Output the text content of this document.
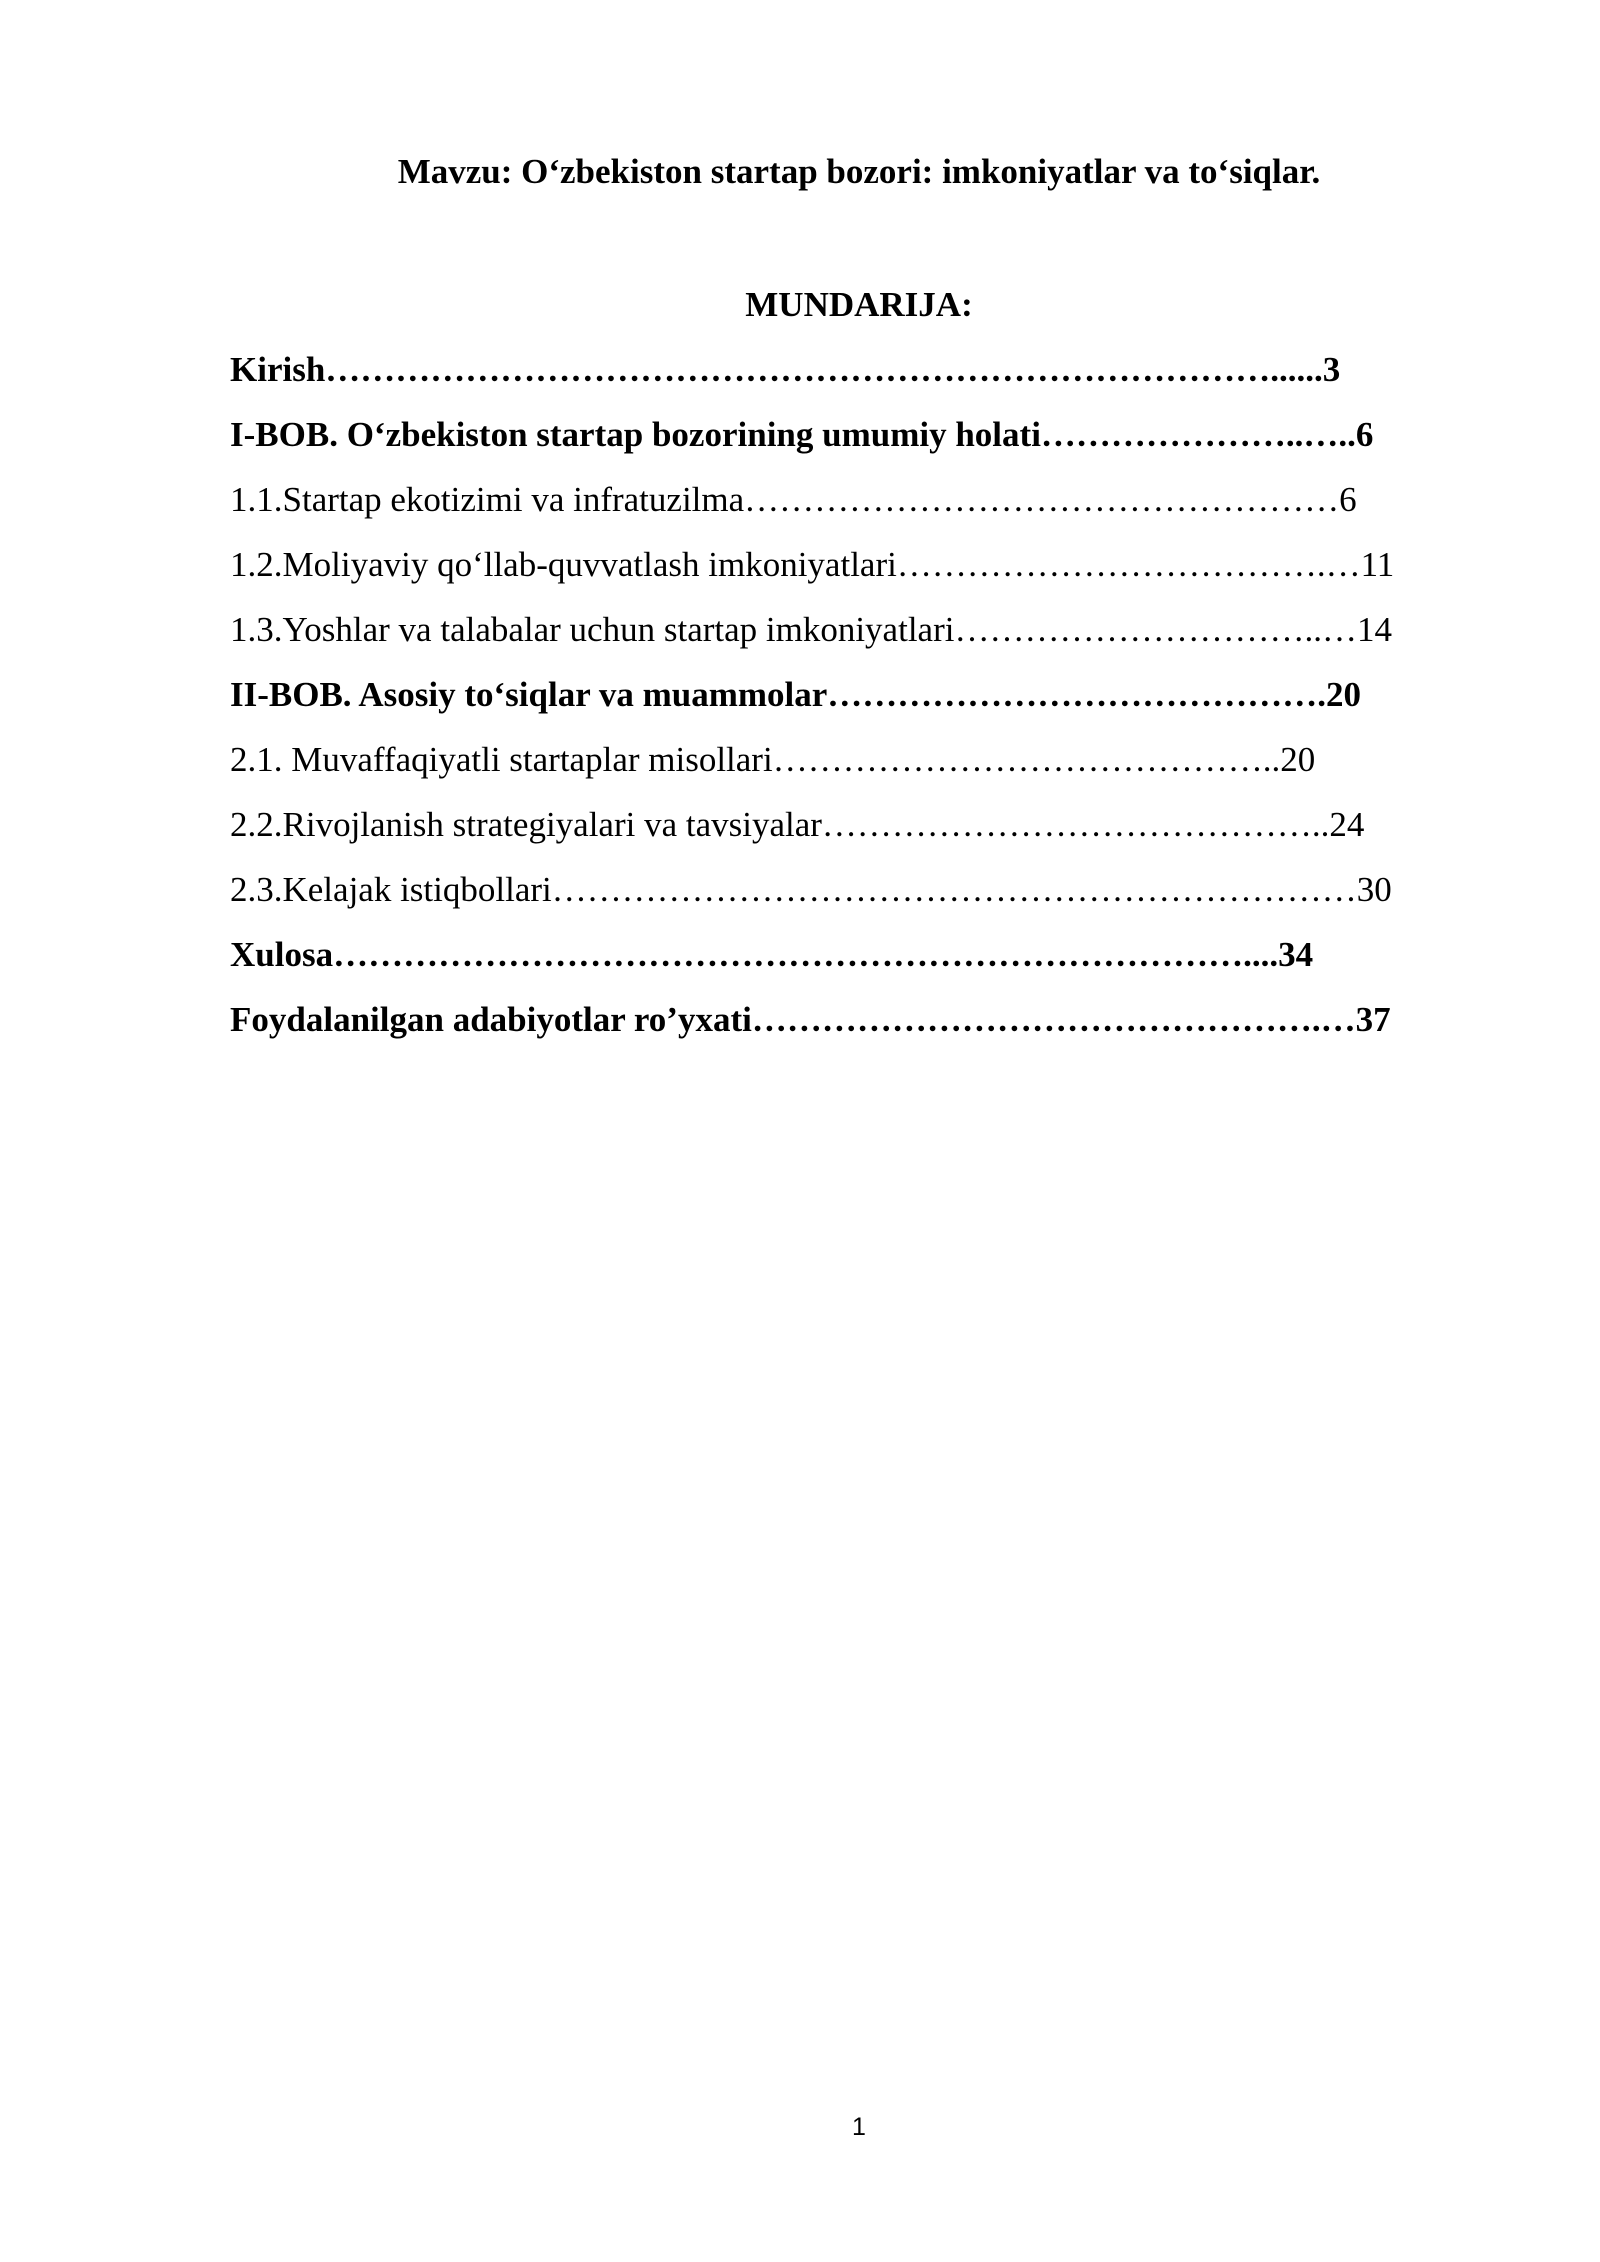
Mavzu: O‘zbekiston startap bozori: imkoniyatlar va to‘siqlar.
MUNDARIJA:
Kirish………………………………………………………………………......3
I-BOB. O‘zbekiston startap bozorining umumiy holati…………………..…..6
1.1.Startap ekotizimi va infratuzilma……………………………………………6
1.2.Moliyaviy qo‘llab-quvvatlash imkoniyatlari……………………………….…11
1.3.Yoshlar va talabalar uchun startap imkoniyatlari…………………………..…14
II-BOB. Asosiy to‘siqlar va muammolar…………………………………….20
2.1. Muvaffaqiyatli startaplar misollari……………………………………..20
2.2.Rivojlanish strategiyalari va tavsiyalar……………………………………..24
2.3.Kelajak istiqbollari……………………………………………………………30
Xulosa……………………………………………………………………....34
Foydalanilgan adabiyotlar ro’yxati………………………………………….…37
1
